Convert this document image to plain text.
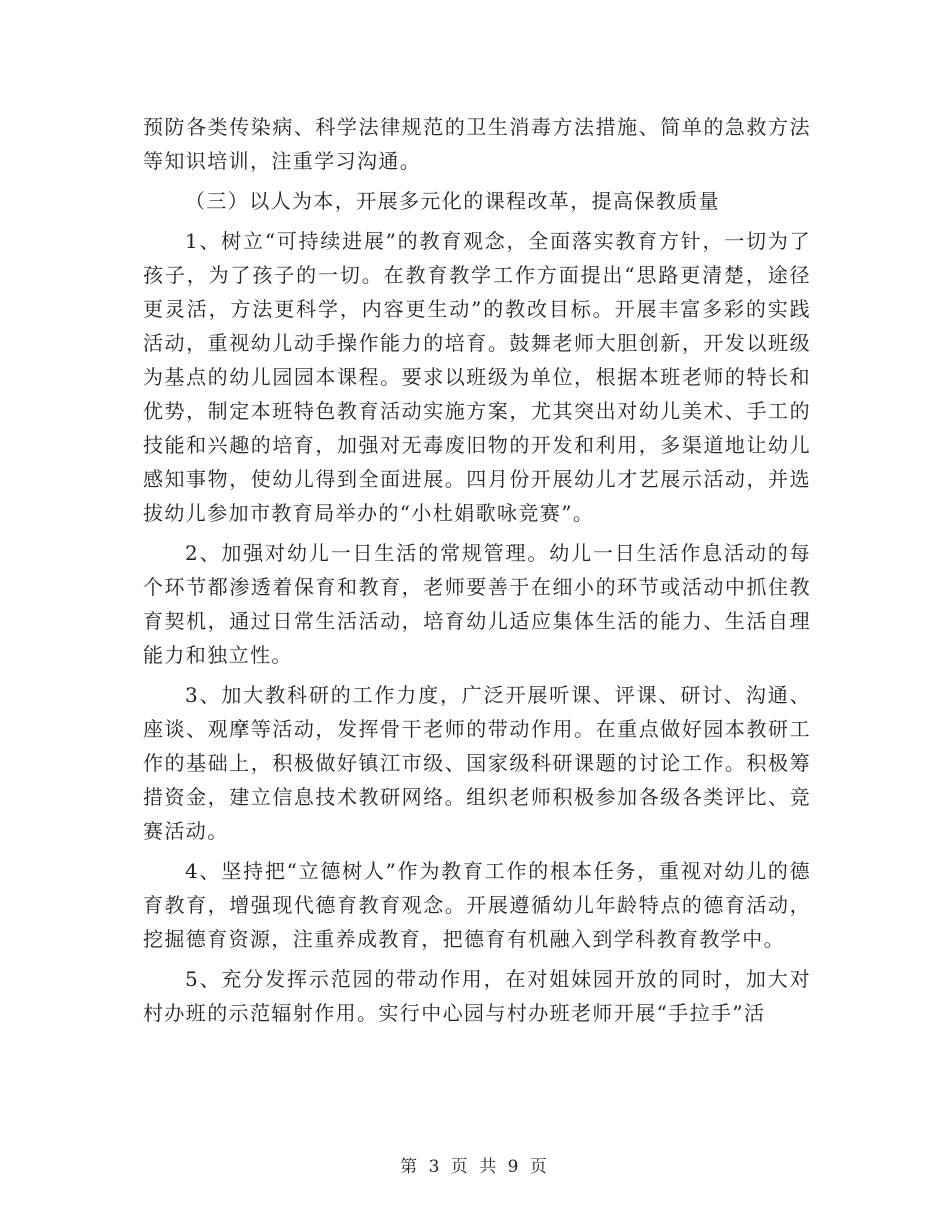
预防各类传染病、科学法律规范的卫生消毒方法措施、简单的急救方法等知识培训，注重学习沟通。

（三）以人为本，开展多元化的课程改革，提高保教质量

1、树立“可持续进展”的教育观念，全面落实教育方针，一切为了孩子，为了孩子的一切。在教育教学工作方面提出“思路更清楚，途径更灵活，方法更科学，内容更生动”的教改目标。开展丰富多彩的实践活动，重视幼儿动手操作能力的培育。鼓舞老师大胆创新，开发以班级为基点的幼儿园园本课程。要求以班级为单位，根据本班老师的特长和优势，制定本班特色教育活动实施方案，尤其突出对幼儿美术、手工的技能和兴趣的培育，加强对无毒废旧物的开发和利用，多渠道地让幼儿感知事物，使幼儿得到全面进展。四月份开展幼儿才艺展示活动，并选拔幼儿参加市教育局举办的“小杜娟歌咏竞赛”。

2、加强对幼儿一日生活的常规管理。幼儿一日生活作息活动的每个环节都渗透着保育和教育，老师要善于在细小的环节或活动中抓住教育契机，通过日常生活活动，培育幼儿适应集体生活的能力、生活自理能力和独立性。

3、加大教科研的工作力度，广泛开展听课、评课、研讨、沟通、座谈、观摩等活动，发挥骨干老师的带动作用。在重点做好园本教研工作的基础上，积极做好镇江市级、国家级科研课题的讨论工作。积极筹措资金，建立信息技术教研网络。组织老师积极参加各级各类评比、竞赛活动。

4、坚持把“立德树人”作为教育工作的根本任务，重视对幼儿的德育教育，增强现代德育教育观念。开展遵循幼儿年龄特点的德育活动，挖掘德育资源，注重养成教育，把德育有机融入到学科教育教学中。

5、充分发挥示范园的带动作用，在对姐妹园开放的同时，加大对村办班的示范辐射作用。实行中心园与村办班老师开展“手拉手”活

第 3 页 共 9 页
